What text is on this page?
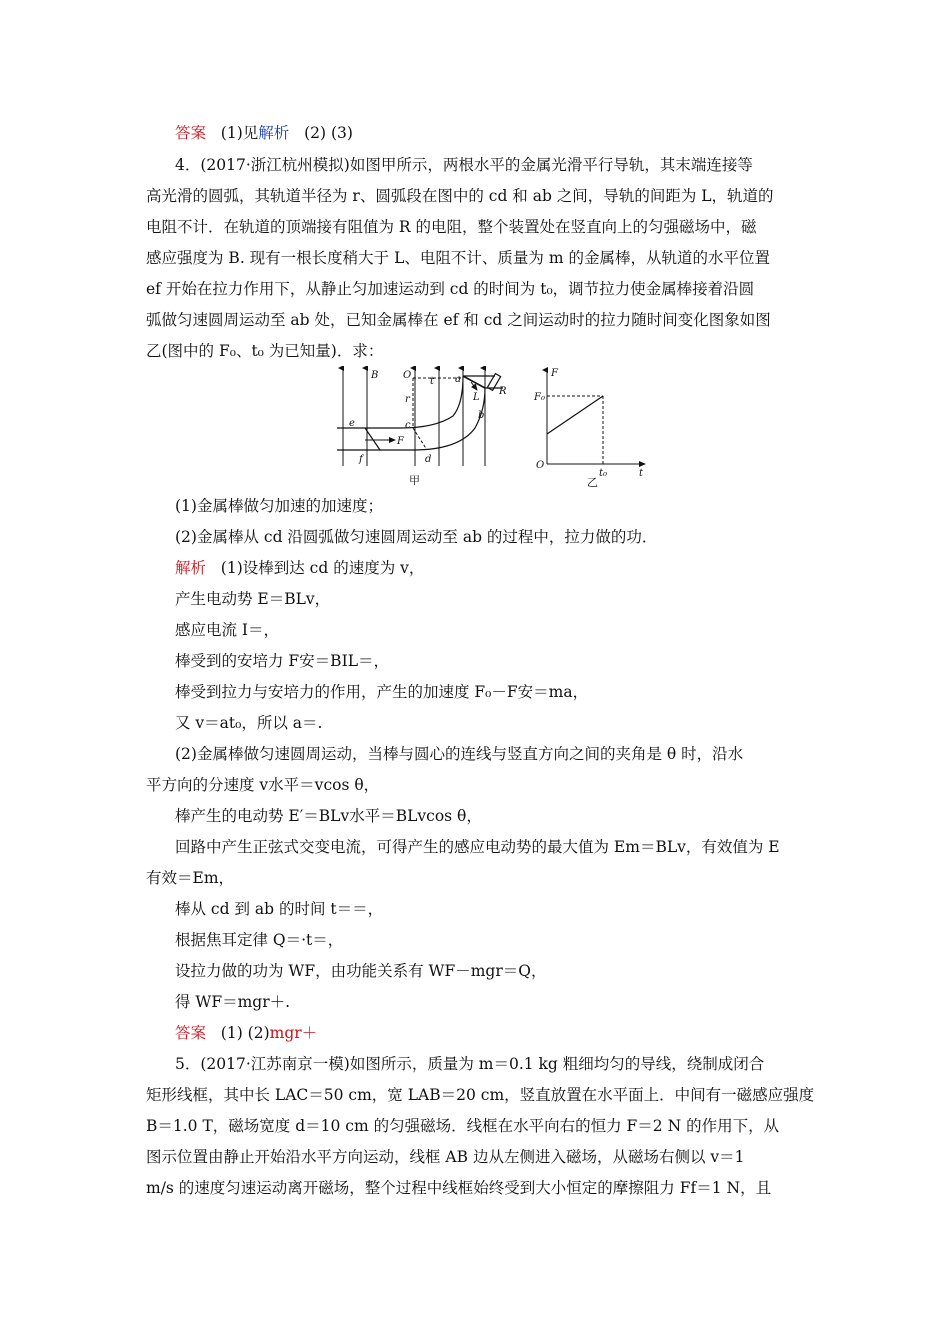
答案 (1)见解析 (2) (3)
4．(2017·浙江杭州模拟)如图甲所示，两根水平的金属光滑平行导轨，其末端连接等
高光滑的圆弧，其轨道半径为 r、圆弧段在图中的 cd 和 ab 之间，导轨的间距为 L，轨道的
电阻不计．在轨道的顶端接有阻值为 R 的电阻，整个装置处在竖直向上的匀强磁场中，磁
感应强度为 B. 现有一根长度稍大于 L、电阻不计、质量为 m 的金属棒，从轨道的水平位置
ef 开始在拉力作用下，从静止匀加速运动到 cd 的时间为 t₀，调节拉力使金属棒接着沿圆
弧做匀速圆周运动至 ab 处，已知金属棒在 ef 和 cd 之间运动时的拉力随时间变化图象如图
乙(图中的 F₀、t₀ 为已知量)．求：
B O
r
t a
R
L
b
c
e
F
f	d
甲
F
F₀
O
t₀	t
乙
(1)金属棒做匀加速的加速度；
(2)金属棒从 cd 沿圆弧做匀速圆周运动至 ab 的过程中，拉力做的功．
解析 (1)设棒到达 cd 的速度为 v，
产生电动势 E＝BLv，
感应电流 I＝，
棒受到的安培力 F安＝BIL＝，
棒受到拉力与安培力的作用，产生的加速度 F₀－F安＝ma，
又 v＝at₀，所以 a＝.
(2)金属棒做匀速圆周运动，当棒与圆心的连线与竖直方向之间的夹角是 θ 时，沿水
平方向的分速度 v水平＝vcos θ，
棒产生的电动势 E′＝BLv水平＝BLvcos θ，
回路中产生正弦式交变电流，可得产生的感应电动势的最大值为 Em＝BLv，有效值为 E
有效＝Em，
棒从 cd 到 ab 的时间 t＝＝，
根据焦耳定律 Q＝·t＝，
设拉力做的功为 WF，由功能关系有 WF－mgr＝Q，
得 WF＝mgr＋.
答案 (1) (2)mgr＋
5．(2017·江苏南京一模)如图所示，质量为 m＝0.1 kg 粗细均匀的导线，绕制成闭合
矩形线框，其中长 LAC＝50 cm，宽 LAB＝20 cm，竖直放置在水平面上．中间有一磁感应强度
B＝1.0 T，磁场宽度 d＝10 cm 的匀强磁场．线框在水平向右的恒力 F＝2 N 的作用下，从
图示位置由静止开始沿水平方向运动，线框 AB 边从左侧进入磁场，从磁场右侧以 v＝1
m/s 的速度匀速运动离开磁场，整个过程中线框始终受到大小恒定的摩擦阻力 Ff＝1 N，且
